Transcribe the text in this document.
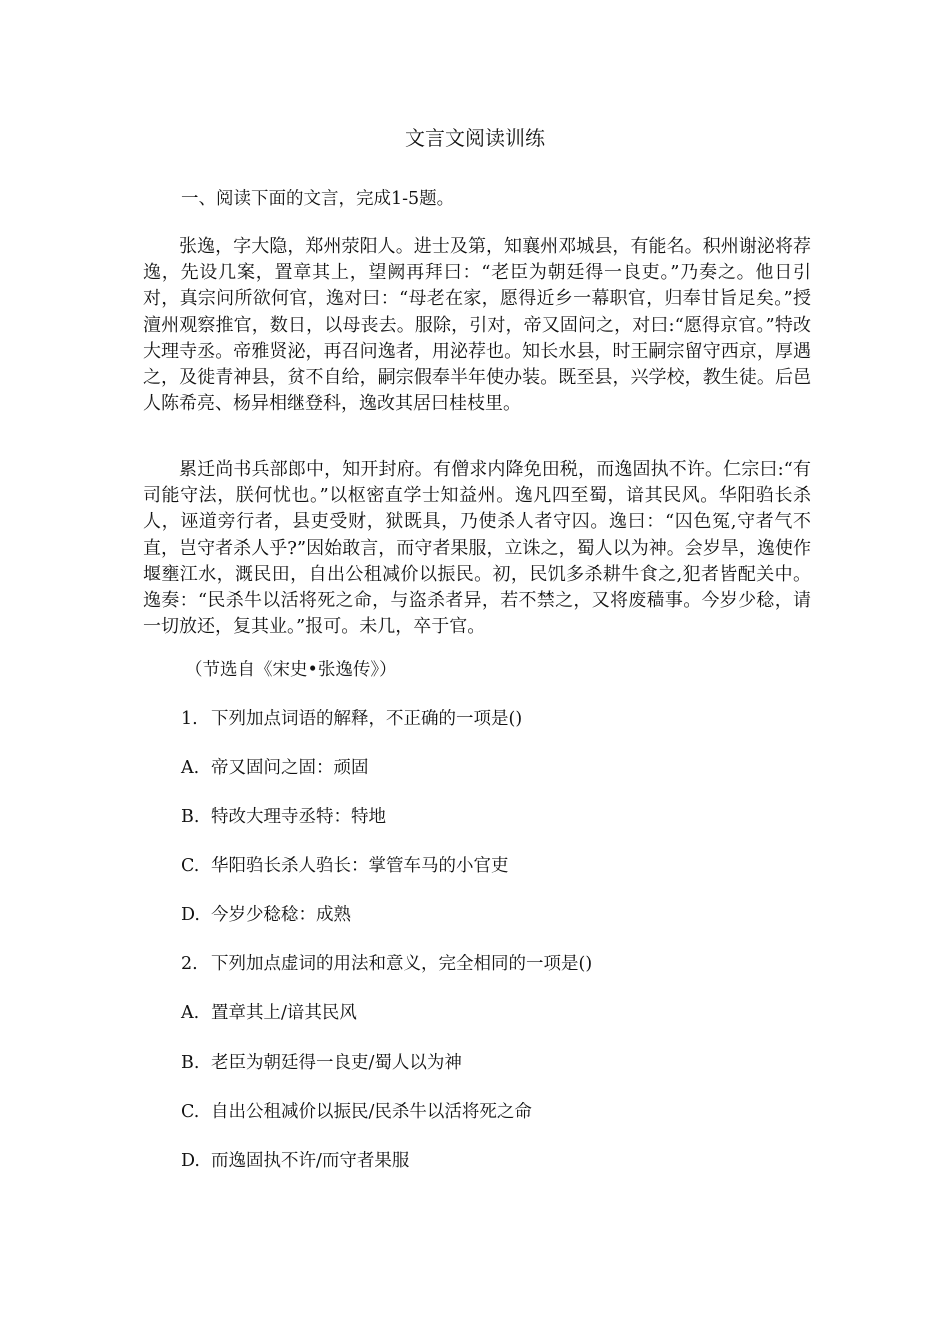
文言文阅读训练
一、阅读下面的文言，完成1-5题。

张逸，字大隐，郑州荥阳人。进士及第，知襄州邓城县，有能名。积州谢泌将荐逸，先设几案，置章其上，望阙再拜曰：“老臣为朝廷得一良吏。”乃奏之。他日引对，真宗问所欲何官，逸对曰：“母老在家，愿得近乡一幕职官，归奉甘旨足矣。”授澶州观察推官，数日，以母丧去。服除，引对，帝又固问之，对曰:“愿得京官。”特改大理寺丞。帝雅贤泌，再召问逸者，用泌荐也。知长水县，时王嗣宗留守西京，厚遇之，及徙青神县，贫不自给，嗣宗假奉半年使办装。既至县，兴学校，教生徒。后邑人陈希亮、杨异相继登科，逸改其居曰桂枝里。

累迁尚书兵部郎中，知开封府。有僧求内降免田税，而逸固执不许。仁宗曰:“有司能守法，朕何忧也。”以枢密直学士知益州。逸凡四至蜀，谙其民风。华阳驺长杀人，诬道旁行者，县吏受财，狱既具，乃使杀人者守囚。逸曰：“囚色冤,守者气不直，岂守者杀人乎?”因始敢言，而守者果服，立诛之，蜀人以为神。会岁旱，逸使作堰壅江水，溉民田，自出公租减价以振民。初，民饥多杀耕牛食之,犯者皆配关中。逸奏：“民杀牛以活将死之命，与盗杀者异，若不禁之，又将废穑事。今岁少稔，请一切放还，复其业。”报可。未几，卒于官。

（节选自《宋史•张逸传》）
1. 下列加点词语的解释，不正确的一项是()
A. 帝又固问之固：顽固
B. 特改大理寺丞特：特地
C. 华阳驺长杀人驺长：掌管车马的小官吏
D. 今岁少稔稔：成熟
2. 下列加点虚词的用法和意义，完全相同的一项是()
A. 置章其上/谙其民风
B. 老臣为朝廷得一良吏/蜀人以为神
C. 自出公租减价以振民/民杀牛以活将死之命
D. 而逸固执不许/而守者果服
